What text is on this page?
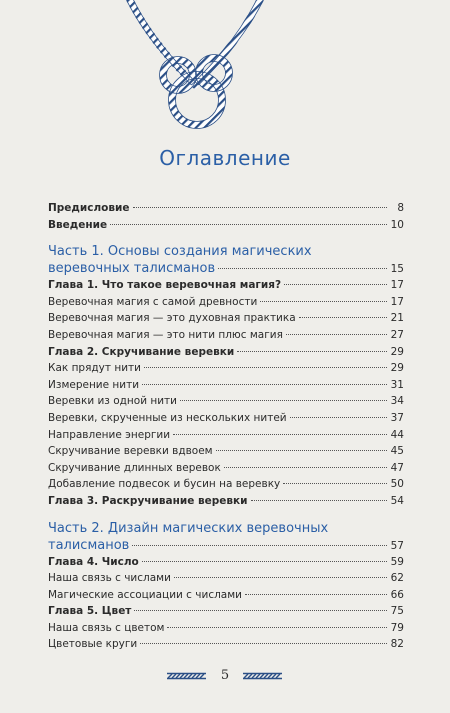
Оглавление
Предисловие	8
Введение	10
Часть 1. Основы создания магических
веревочных талисманов	15
Глава 1. Что такое веревочная магия?	17
Веревочная магия с самой древности	17
Веревочная магия — это духовная практика	21
Веревочная магия — это нити плюс магия	27
Глава 2. Скручивание веревки	29
Как прядут нити	29
Измерение нити	31
Веревки из одной нити	34
Веревки, скрученные из нескольких нитей	37
Направление энергии	44
Скручивание веревки вдвоем	45
Скручивание длинных веревок	47
Добавление подвесок и бусин на веревку	50
Глава 3. Раскручивание веревки	54
Часть 2. Дизайн магических веревочных
талисманов	57
Глава 4. Число	59
Наша связь с числами	62
Магические ассоциации с числами	66
Глава 5. Цвет	75
Наша связь с цветом	79
Цветовые круги	82
5
